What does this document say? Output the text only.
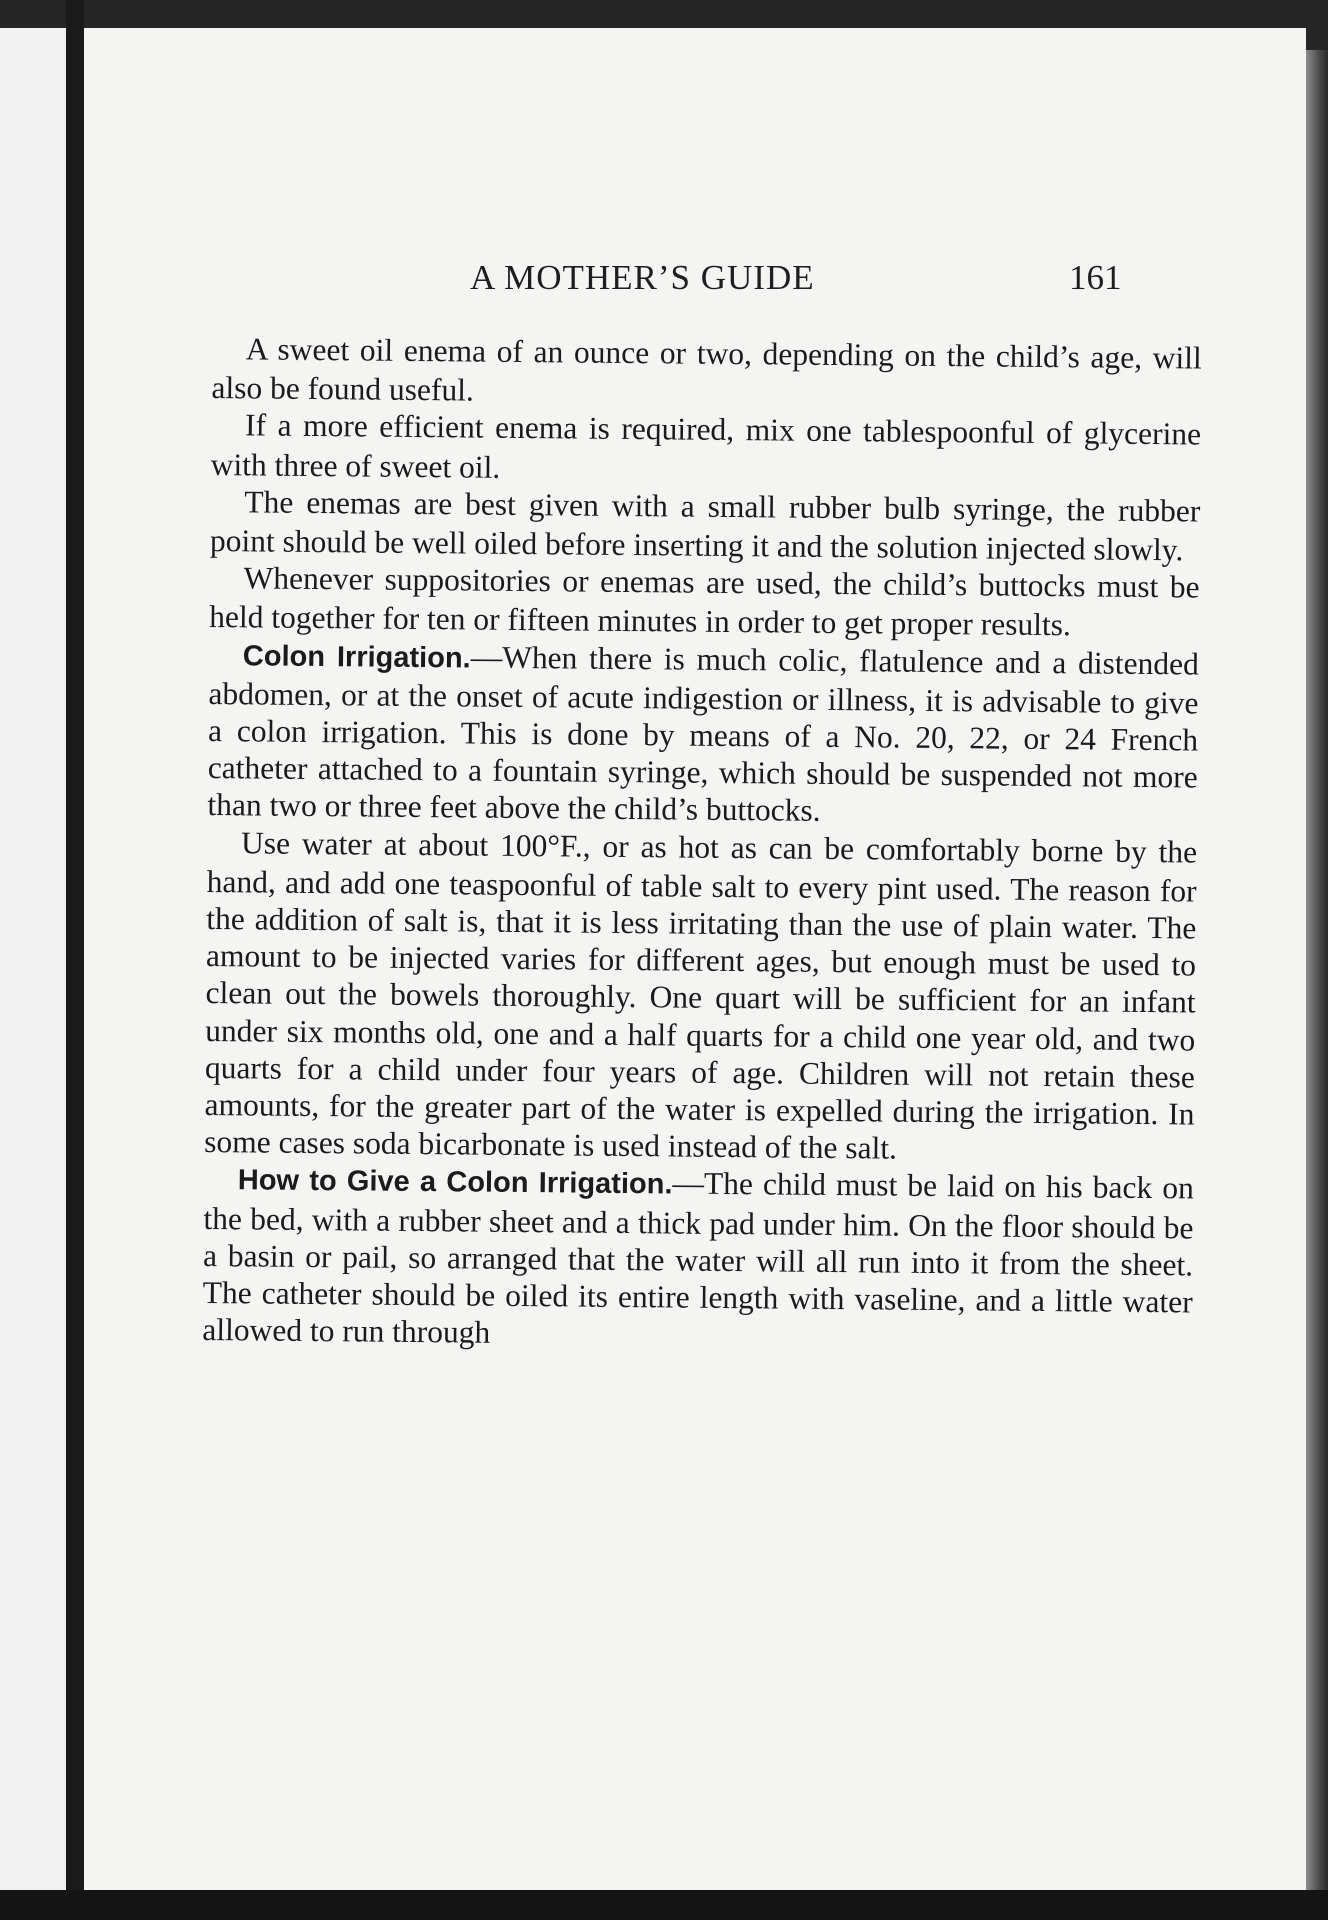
A MOTHER’S GUIDE	161

A sweet oil enema of an ounce or two, depending on the child’s age, will also be found useful.

If a more efficient enema is required, mix one tablespoonful of glycerine with three of sweet oil.

The enemas are best given with a small rubber bulb syringe, the rubber point should be well oiled before inserting it and the solution injected slowly.

Whenever suppositories or enemas are used, the child’s buttocks must be held together for ten or fifteen minutes in order to get proper results.

Colon Irrigation.—When there is much colic, flatulence and a distended abdomen, or at the onset of acute indigestion or illness, it is advisable to give a colon irrigation. This is done by means of a No. 20, 22, or 24 French catheter attached to a fountain syringe, which should be suspended not more than two or three feet above the child’s buttocks.

Use water at about 100°F., or as hot as can be comfortably borne by the hand, and add one teaspoonful of table salt to every pint used. The reason for the addition of salt is, that it is less irritating than the use of plain water. The amount to be injected varies for different ages, but enough must be used to clean out the bowels thoroughly. One quart will be sufficient for an infant under six months old, one and a half quarts for a child one year old, and two quarts for a child under four years of age. Children will not retain these amounts, for the greater part of the water is expelled during the irrigation. In some cases soda bicarbonate is used instead of the salt.

How to Give a Colon Irrigation.—The child must be laid on his back on the bed, with a rubber sheet and a thick pad under him. On the floor should be a basin or pail, so arranged that the water will all run into it from the sheet. The catheter should be oiled its entire length with vaseline, and a little water allowed to run through
